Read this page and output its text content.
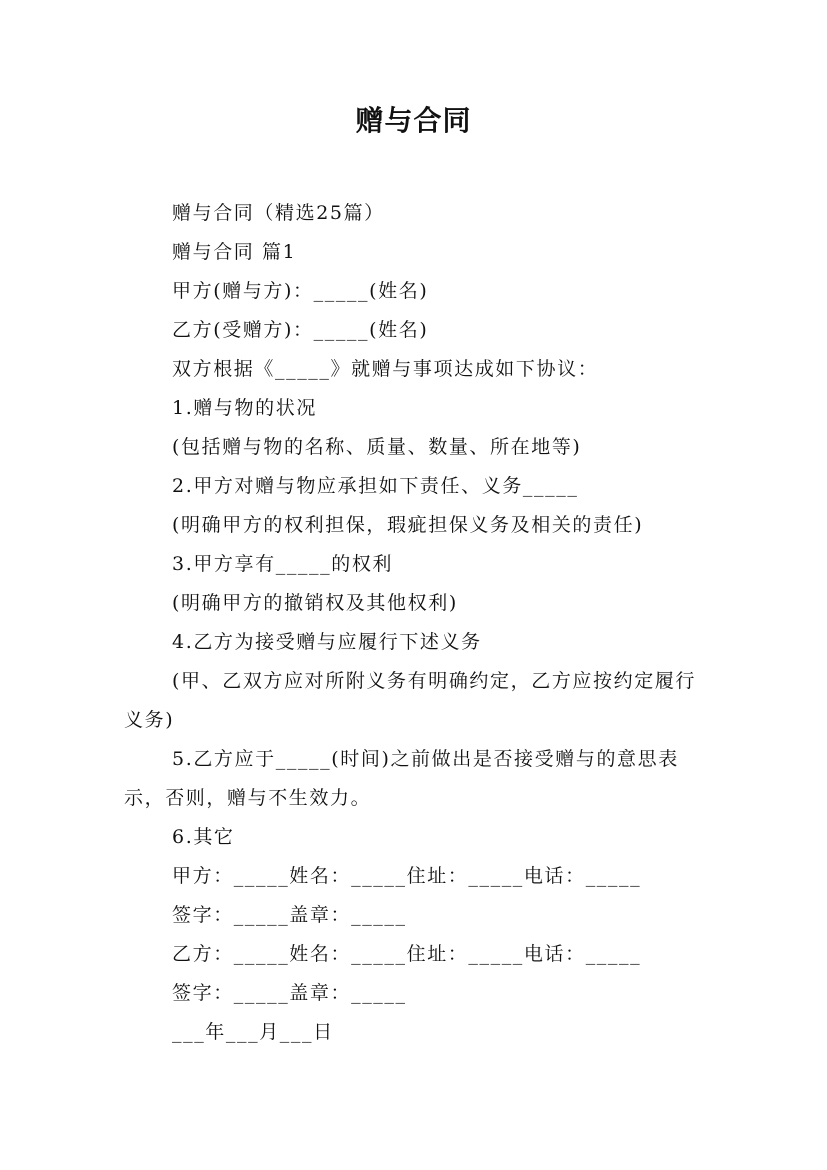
赠与合同

赠与合同（精选25篇）

赠与合同 篇1

甲方(赠与方)：_____(姓名)

乙方(受赠方)：_____(姓名)

双方根据《_____》就赠与事项达成如下协议：

1.赠与物的状况

(包括赠与物的名称、质量、数量、所在地等)

2.甲方对赠与物应承担如下责任、义务_____

(明确甲方的权利担保，瑕疵担保义务及相关的责任)

3.甲方享有_____的权利

(明确甲方的撤销权及其他权利)

4.乙方为接受赠与应履行下述义务

(甲、乙双方应对所附义务有明确约定，乙方应按约定履行义务)

5.乙方应于_____(时间)之前做出是否接受赠与的意思表示，否则，赠与不生效力。

6.其它

甲方：_____姓名：_____住址：_____电话：_____

签字：_____盖章：_____

乙方：_____姓名：_____住址：_____电话：_____

签字：_____盖章：_____

___年___月___日
